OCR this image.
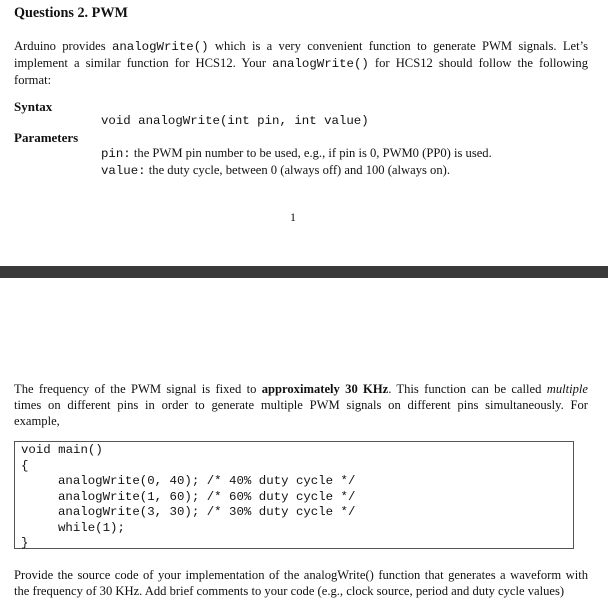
Questions 2. PWM
Arduino provides analogWrite() which is a very convenient function to generate PWM signals. Let’s
implement a similar function for HCS12. Your analogWrite() for HCS12 should follow the following
format:
Syntax
void analogWrite(int pin, int value)
Parameters
pin: the PWM pin number to be used, e.g., if pin is 0, PWM0 (PP0) is used.
value: the duty cycle, between 0 (always off) and 100 (always on).
1
The frequency of the PWM signal is fixed to approximately 30 KHz. This function can be called multiple
times on different pins in order to generate multiple PWM signals on different pins simultaneously. For
example,
void main()
{
analogWrite(0, 40); /* 40% duty cycle */
analogWrite(1, 60); /* 60% duty cycle */
analogWrite(3, 30); /* 30% duty cycle */
while(1);
}
Provide the source code of your implementation of the analogWrite() function that generates a waveform with
the frequency of 30 KHz. Add brief comments to your code (e.g., clock source, period and duty cycle values)
